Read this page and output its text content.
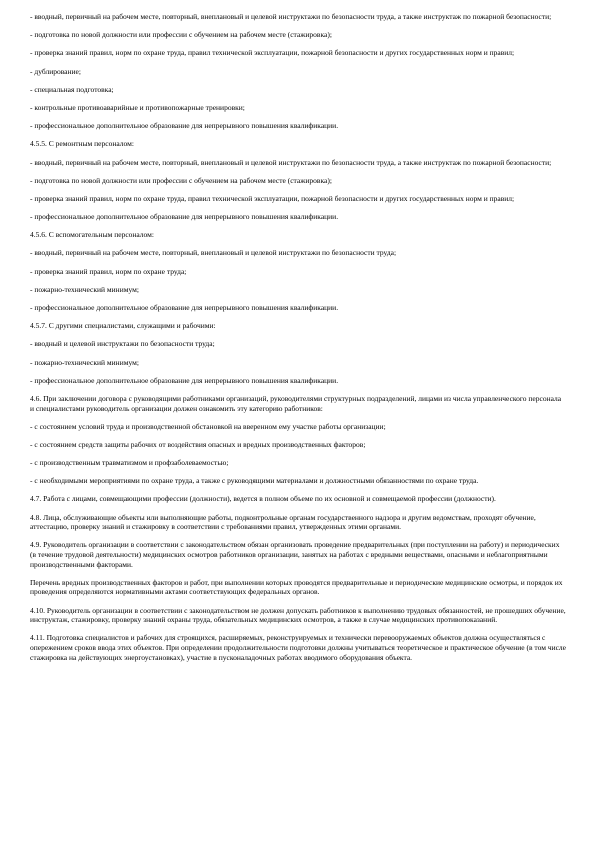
- вводный, первичный на рабочем месте, повторный, внеплановый и целевой инструктажи по безопасности труда, а также инструктаж по пожарной безопасности;

- подготовка по новой должности или профессии с обучением на рабочем месте (стажировка);

- проверка знаний правил, норм по охране труда, правил технической эксплуатации, пожарной безопасности и других государственных норм и правил;

- дублирование;

- специальная подготовка;

- контрольные противоаварийные и противопожарные тренировки;

- профессиональное дополнительное образование для непрерывного повышения квалификации.

4.5.5. С ремонтным персоналом:

- вводный, первичный на рабочем месте, повторный, внеплановый и целевой инструктажи по безопасности труда, а также инструктаж по пожарной безопасности;

- подготовка по новой должности или профессии с обучением на рабочем месте (стажировка);

- проверка знаний правил, норм по охране труда, правил технической эксплуатации, пожарной безопасности и других государственных норм и правил;

- профессиональное дополнительное образование для непрерывного повышения квалификации.

4.5.6. С вспомогательным персоналом:

- вводный, первичный на рабочем месте, повторный, внеплановый и целевой инструктажи по безопасности труда;

- проверка знаний правил, норм по охране труда;

- пожарно-технический минимум;

- профессиональное дополнительное образование для непрерывного повышения квалификации.

4.5.7. С другими специалистами, служащими и рабочими:

- вводный и целевой инструктажи по безопасности труда;

- пожарно-технический минимум;

- профессиональное дополнительное образование для непрерывного повышения квалификации.

4.6. При заключении договора с руководящими работниками организаций, руководителями структурных подразделений, лицами из числа управленческого персонала и специалистами руководитель организации должен ознакомить эту категорию работников:

- с состоянием условий труда и производственной обстановкой на вверенном ему участке работы организации;

- с состоянием средств защиты рабочих от воздействия опасных и вредных производственных факторов;

- с производственным травматизмом и профзаболеваемостью;

- с необходимыми мероприятиями по охране труда, а также с руководящими материалами и должностными обязанностями по охране труда.

4.7. Работа с лицами, совмещающими профессии (должности), ведется в полном объеме по их основной и совмещаемой профессии (должности).

4.8. Лица, обслуживающие объекты или выполняющие работы, подконтрольные органам государственного надзора и другим ведомствам, проходят обучение, аттестацию, проверку знаний и стажировку в соответствии с требованиями правил, утвержденных этими органами.

4.9. Руководитель организации в соответствии с законодательством обязан организовать проведение предварительных (при поступлении на работу) и периодических (в течение трудовой деятельности) медицинских осмотров работников организации, занятых на работах с вредными веществами, опасными и неблагоприятными производственными факторами.

Перечень вредных производственных факторов и работ, при выполнении которых проводятся предварительные и периодические медицинские осмотры, и порядок их проведения определяются нормативными актами соответствующих федеральных органов.

4.10. Руководитель организации в соответствии с законодательством не должен допускать работников к выполнению трудовых обязанностей, не прошедших обучение, инструктаж, стажировку, проверку знаний охраны труда, обязательных медицинских осмотров, а также в случае медицинских противопоказаний.

4.11. Подготовка специалистов и рабочих для строящихся, расширяемых, реконструируемых и технически перевооружаемых объектов должна осуществляться с опережением сроков ввода этих объектов. При определении продолжительности подготовки должны учитываться теоретическое и практическое обучение (в том числе стажировка на действующих энергоустановках), участие в пусконаладочных работах вводимого оборудования объекта.
